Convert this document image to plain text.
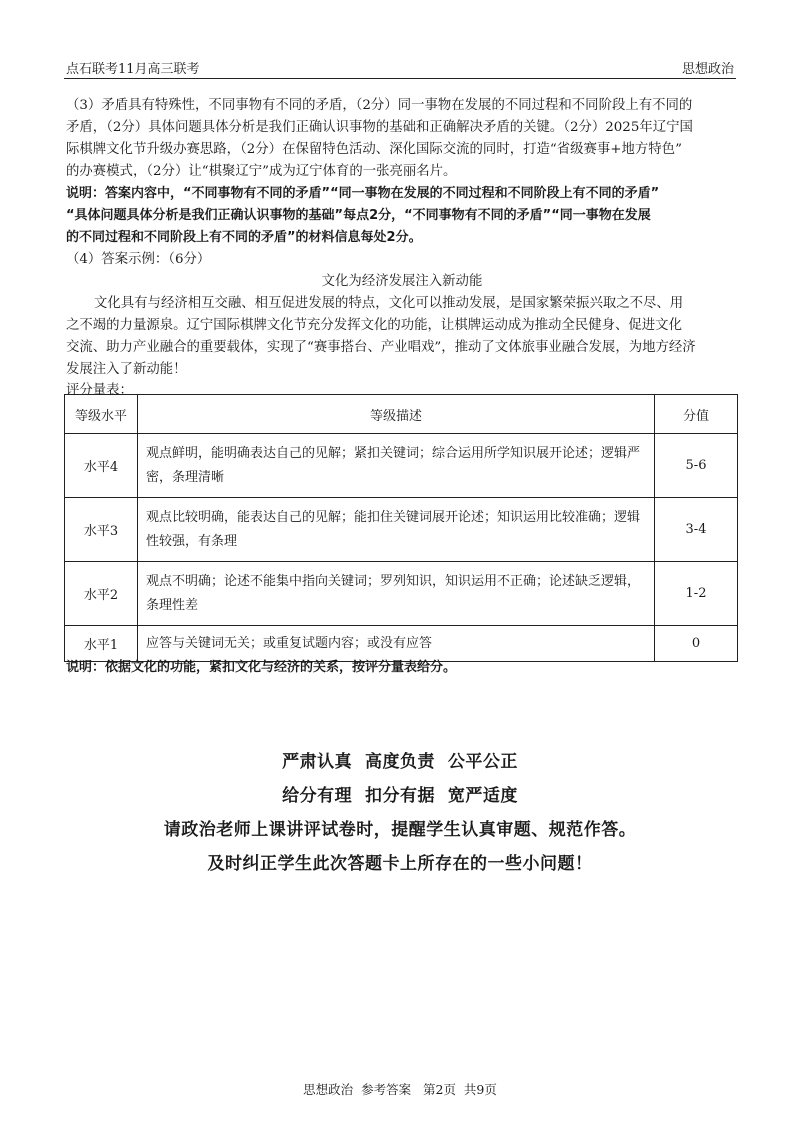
点石联考11月高三联考	思想政治

（3）矛盾具有特殊性，不同事物有不同的矛盾，（2分）同一事物在发展的不同过程和不同阶段上有不同的

矛盾，（2分）具体问题具体分析是我们正确认识事物的基础和正确解决矛盾的关键。（2分）2025年辽宁国

际棋牌文化节升级办赛思路，（2分）在保留特色活动、深化国际交流的同时，打造“省级赛事+地方特色”

的办赛模式，（2分）让“棋聚辽宁”成为辽宁体育的一张亮丽名片。

说明：答案内容中，“不同事物有不同的矛盾”“同一事物在发展的不同过程和不同阶段上有不同的矛盾”

“具体问题具体分析是我们正确认识事物的基础”每点2分，“不同事物有不同的矛盾”“同一事物在发展

的不同过程和不同阶段上有不同的矛盾”的材料信息每处2分。

（4）答案示例：（6分）

文化为经济发展注入新动能

文化具有与经济相互交融、相互促进发展的特点，文化可以推动发展，是国家繁荣振兴取之不尽、用

之不竭的力量源泉。辽宁国际棋牌文化节充分发挥文化的功能，让棋牌运动成为推动全民健身、促进文化

交流、助力产业融合的重要载体，实现了“赛事搭台、产业唱戏”，推动了文体旅事业融合发展，为地方经济

发展注入了新动能！

评分量表：

等级水平	等级描述	分值
水平4	观点鲜明，能明确表达自己的见解；紧扣关键词；综合运用所学知识展开论述；逻辑严密，条理清晰	5-6
水平3	观点比较明确，能表达自己的见解；能扣住关键词展开论述；知识运用比较准确；逻辑性较强，有条理	3-4
水平2	观点不明确；论述不能集中指向关键词；罗列知识，知识运用不正确；论述缺乏逻辑，条理性差	1-2
水平1	应答与关键词无关；或重复试题内容；或没有应答	0
说明：依据文化的功能，紧扣文化与经济的关系，按评分量表给分。
严肃认真  高度负责  公平公正
给分有理  扣分有据  宽严适度
请政治老师上课讲评试卷时，提醒学生认真审题、规范作答。
及时纠正学生此次答题卡上所存在的一些小问题！
思想政治  参考答案   第2页  共9页
